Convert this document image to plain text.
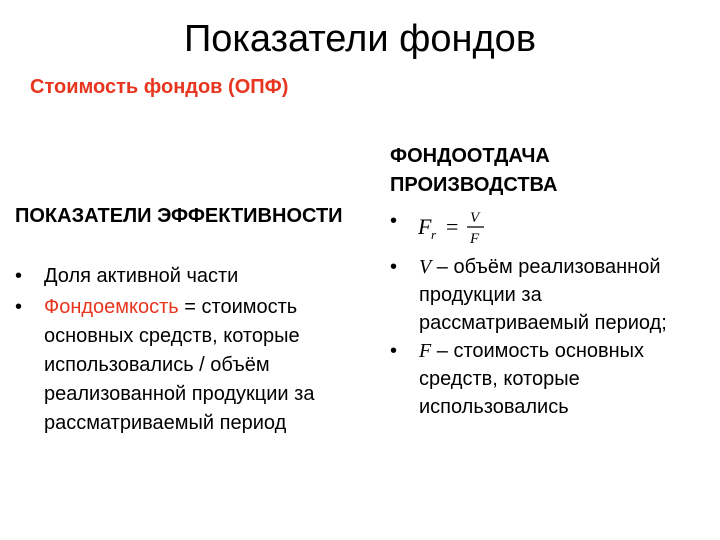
Показатели фондов
Стоимость фондов (ОПФ)
ПОКАЗАТЕЛИ ЭФФЕКТИВНОСТИ
•	Доля активной части
•	Фондоемкость = стоимость основных средств, которые использовались / объём реализованной продукции за рассматриваемый период
ФОНДООТДАЧА ПРОИЗВОДСТВА
• F r = V
F
•	V – объём реализованной продукции за рассматриваемый период;
•	F – стоимость основных средств, которые использовались
